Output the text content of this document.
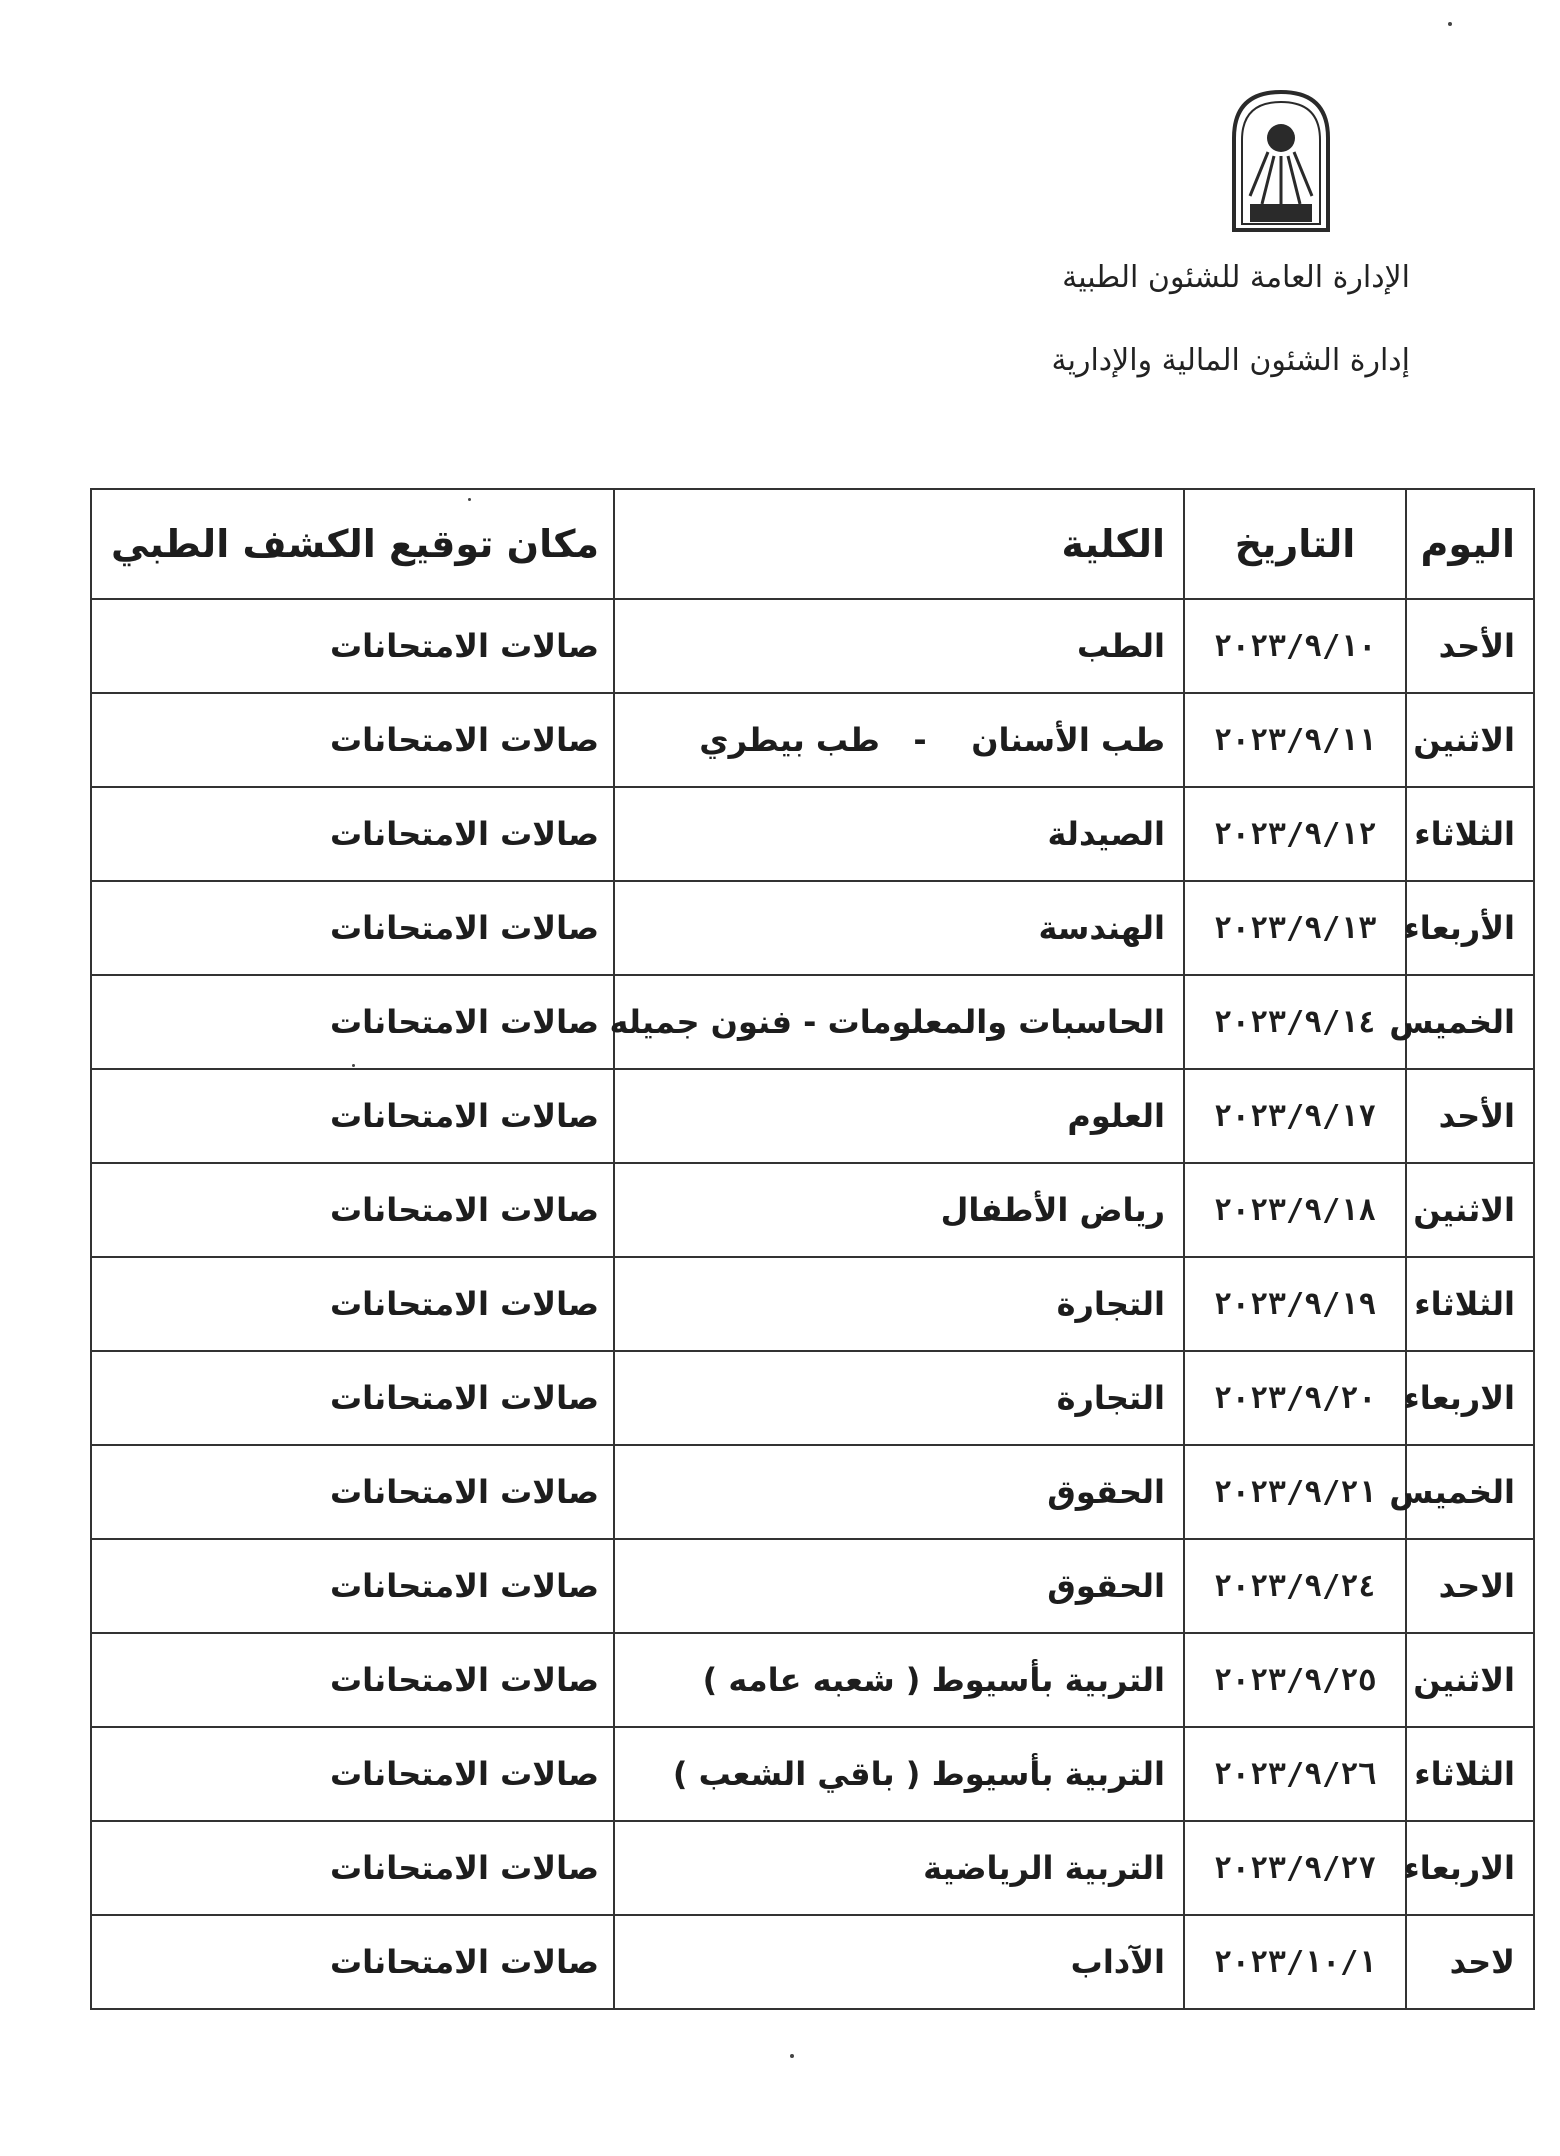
الإدارة العامة للشئون الطبية
إدارة الشئون المالية والإدارية
اليوم	التاريخ	الكلية	مكان توقيع الكشف الطبي
الأحد	٢٠٢٣/٩/١٠	الطب	صالات الامتحانات
الاثنين	٢٠٢٣/٩/١١	طب الأسنان    -   طب بيطري	صالات الامتحانات
الثلاثاء	٢٠٢٣/٩/١٢	الصيدلة	صالات الامتحانات
الأربعاء	٢٠٢٣/٩/١٣	الهندسة	صالات الامتحانات
الخميس	٢٠٢٣/٩/١٤	الحاسبات والمعلومات - فنون جميله	صالات الامتحانات
الأحد	٢٠٢٣/٩/١٧	العلوم	صالات الامتحانات
الاثنين	٢٠٢٣/٩/١٨	رياض الأطفال	صالات الامتحانات
الثلاثاء	٢٠٢٣/٩/١٩	التجارة	صالات الامتحانات
الاربعاء	٢٠٢٣/٩/٢٠	التجارة	صالات الامتحانات
الخميس	٢٠٢٣/٩/٢١	الحقوق	صالات الامتحانات
الاحد	٢٠٢٣/٩/٢٤	الحقوق	صالات الامتحانات
الاثنين	٢٠٢٣/٩/٢٥	التربية بأسيوط ( شعبه عامه )	صالات الامتحانات
الثلاثاء	٢٠٢٣/٩/٢٦	التربية بأسيوط ( باقي الشعب )	صالات الامتحانات
الاربعاء	٢٠٢٣/٩/٢٧	التربية الرياضية	صالات الامتحانات
لاحد	٢٠٢٣/١٠/١	الآداب	صالات الامتحانات
